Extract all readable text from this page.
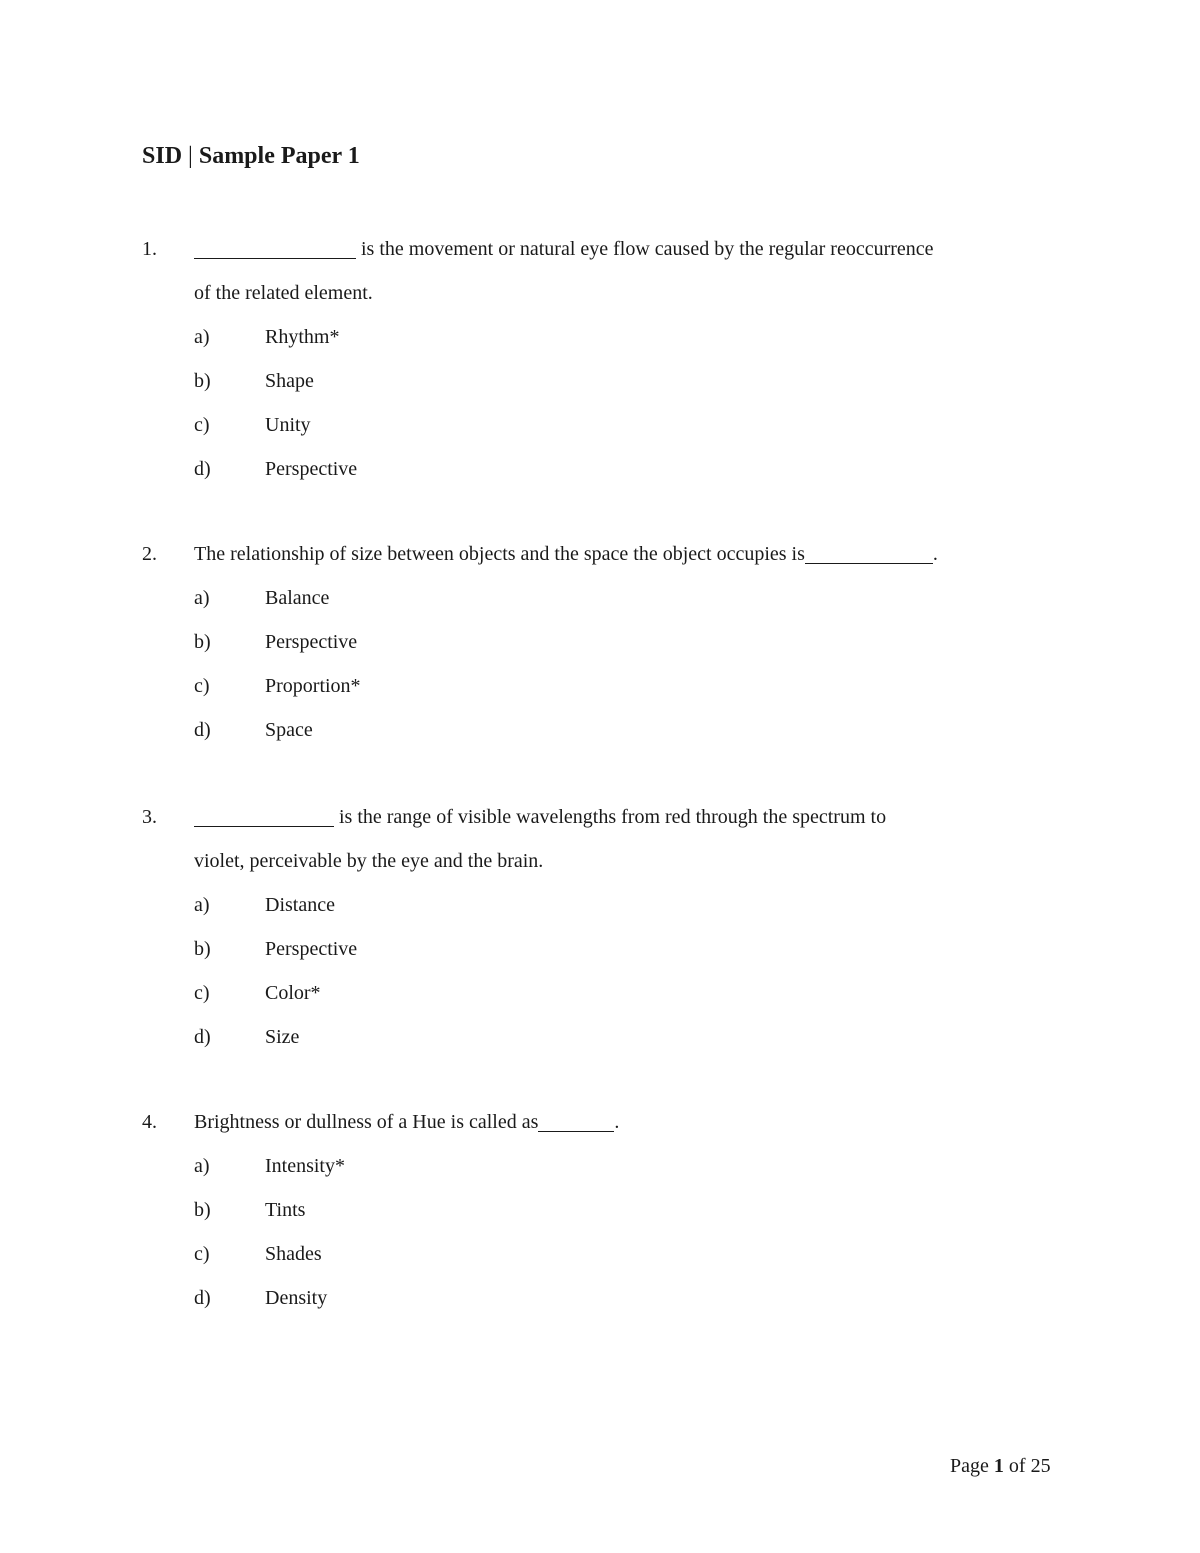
SID | Sample Paper 1
1.	is the movement or natural eye flow caused by the regular reoccurrence
of the related element.
a)	Rhythm*
b)	Shape
c)	Unity
d)	Perspective
2. The relationship of size between objects and the space the object occupies is	.
a)	Balance
b)	Perspective
c)	Proportion*
d)	Space
3.	is the range of visible wavelengths from red through the spectrum to
violet, perceivable by the eye and the brain.
a)	Distance
b)	Perspective
c)	Color*
d)	Size
4. Brightness or dullness of a Hue is called as	.
a)	Intensity*
b)	Tints
c)	Shades
d)	Density
Page 1 of 25
